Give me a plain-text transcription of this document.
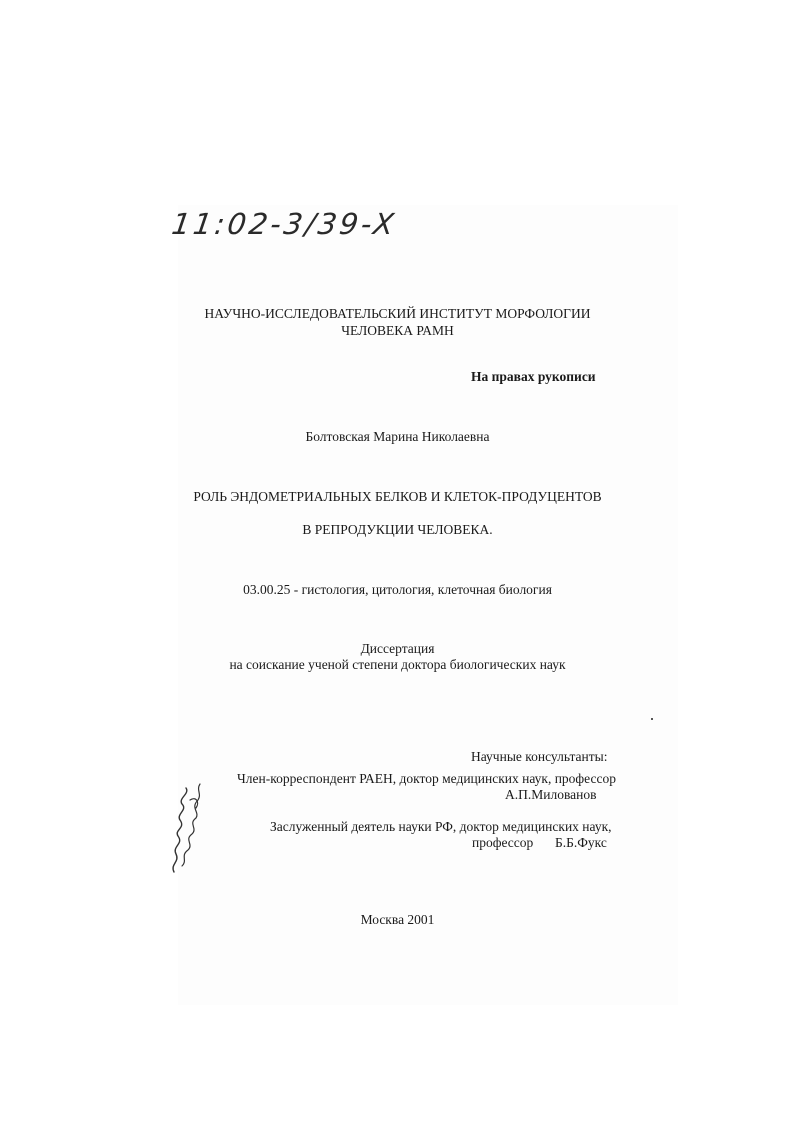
11:02-3/39-X
НАУЧНО-ИССЛЕДОВАТЕЛЬСКИЙ ИНСТИТУТ МОРФОЛОГИИ
ЧЕЛОВЕКА РАМН
На правах рукописи
Болтовская Марина Николаевна
РОЛЬ ЭНДОМЕТРИАЛЬНЫХ БЕЛКОВ И КЛЕТОК-ПРОДУЦЕНТОВ
В РЕПРОДУКЦИИ ЧЕЛОВЕКА.
03.00.25 - гистология, цитология, клеточная биология
Диссертация
на соискание ученой степени доктора биологических наук
Научные консультанты:
Член-корреспондент РАЕН, доктор медицинских наук, профессор
А.П.Милованов
Заслуженный деятель науки РФ, доктор медицинских наук,
профессор Б.Б.Фукс
Москва 2001
